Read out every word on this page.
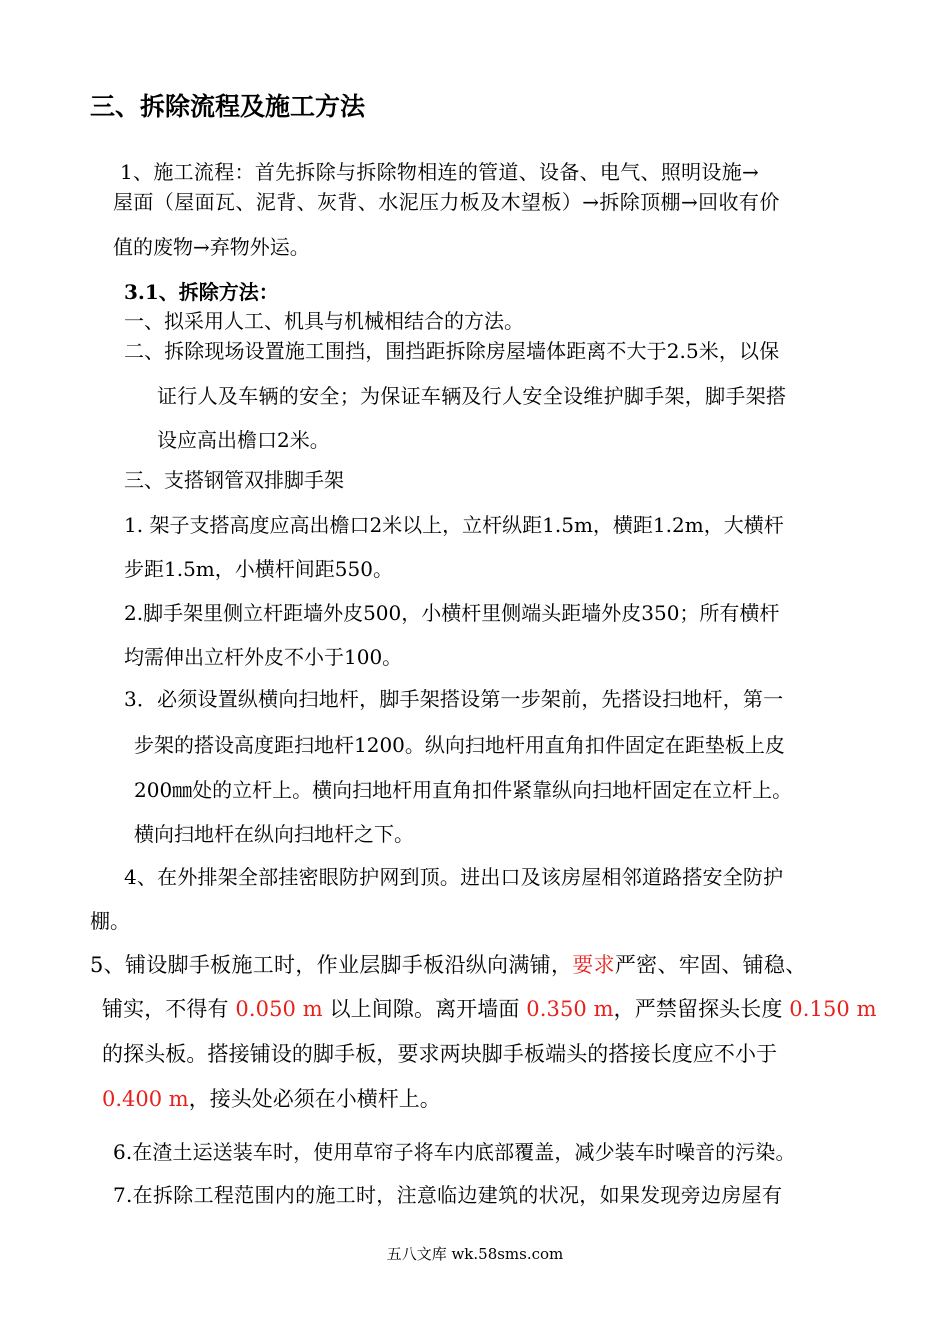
三、拆除流程及施工方法
1、施工流程：首先拆除与拆除物相连的管道、设备、电气、照明设施→
屋面（屋面瓦、泥背、灰背、水泥压力板及木望板）→拆除顶棚→回收有价
值的废物→弃物外运。
3.1、拆除方法：
一、拟采用人工、机具与机械相结合的方法。
二、拆除现场设置施工围挡，围挡距拆除房屋墙体距离不大于2.5米，以保
证行人及车辆的安全；为保证车辆及行人安全设维护脚手架，脚手架搭
设应高出檐口2米。
三、支搭钢管双排脚手架
1. 架子支搭高度应高出檐口2米以上，立杆纵距1.5m，横距1.2m，大横杆
步距1.5m，小横杆间距550。
2.脚手架里侧立杆距墙外皮500，小横杆里侧端头距墙外皮350；所有横杆
均需伸出立杆外皮不小于100。
3．必须设置纵横向扫地杆，脚手架搭设第一步架前，先搭设扫地杆，第一
步架的搭设高度距扫地杆1200。纵向扫地杆用直角扣件固定在距垫板上皮
200㎜处的立杆上。横向扫地杆用直角扣件紧靠纵向扫地杆固定在立杆上。
横向扫地杆在纵向扫地杆之下。
4、在外排架全部挂密眼防护网到顶。进出口及该房屋相邻道路搭安全防护
棚。
5、铺设脚手板施工时，作业层脚手板沿纵向满铺，要求严密、牢固、铺稳、
铺实，不得有 0.050 m 以上间隙。离开墙面 0.350 m，严禁留探头长度 0.150 m
的探头板。搭接铺设的脚手板，要求两块脚手板端头的搭接长度应不小于
0.400 m，接头处必须在小横杆上。
6.在渣土运送装车时，使用草帘子将车内底部覆盖，减少装车时噪音的污染。
7.在拆除工程范围内的施工时，注意临边建筑的状况，如果发现旁边房屋有
五八文库 wk.58sms.com
